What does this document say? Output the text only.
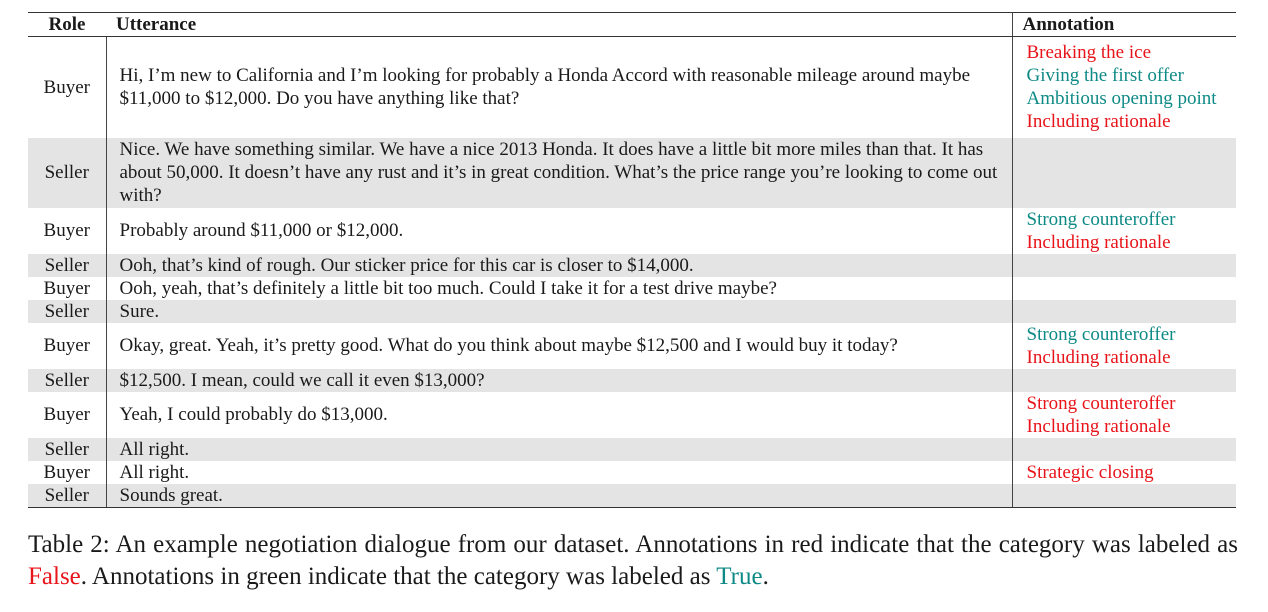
Role	Utterance	Annotation
Buyer	Hi, I’m new to California and I’m looking for probably a Honda Accord with reasonable mileage around maybe $11,000 to $12,000. Do you have anything like that?	Breaking the ice
Giving the first offer
Ambitious opening point
Including rationale

Seller	Nice. We have something similar. We have a nice 2013 Honda. It does have a little bit more miles than that. It has about 50,000. It doesn’t have any rust and it’s in great condition. What’s the price range you’re looking to come out with?	
Buyer	Probably around $11,000 or $12,000.	Strong counteroffer
Including rationale

Seller	Ooh, that’s kind of rough. Our sticker price for this car is closer to $14,000.	
Buyer	Ooh, yeah, that’s definitely a little bit too much. Could I take it for a test drive maybe?	
Seller	Sure.	
Buyer	Okay, great. Yeah, it’s pretty good. What do you think about maybe $12,500 and I would buy it today?	Strong counteroffer
Including rationale

Seller	$12,500. I mean, could we call it even $13,000?	
Buyer	Yeah, I could probably do $13,000.	Strong counteroffer
Including rationale

Seller	All right.	
Buyer	All right.	Strategic closing

Seller	Sounds great.	
Table 2: An example negotiation dialogue from our dataset. Annotations in red indicate that the category was labeled as False. Annotations in green indicate that the category was labeled as True.
